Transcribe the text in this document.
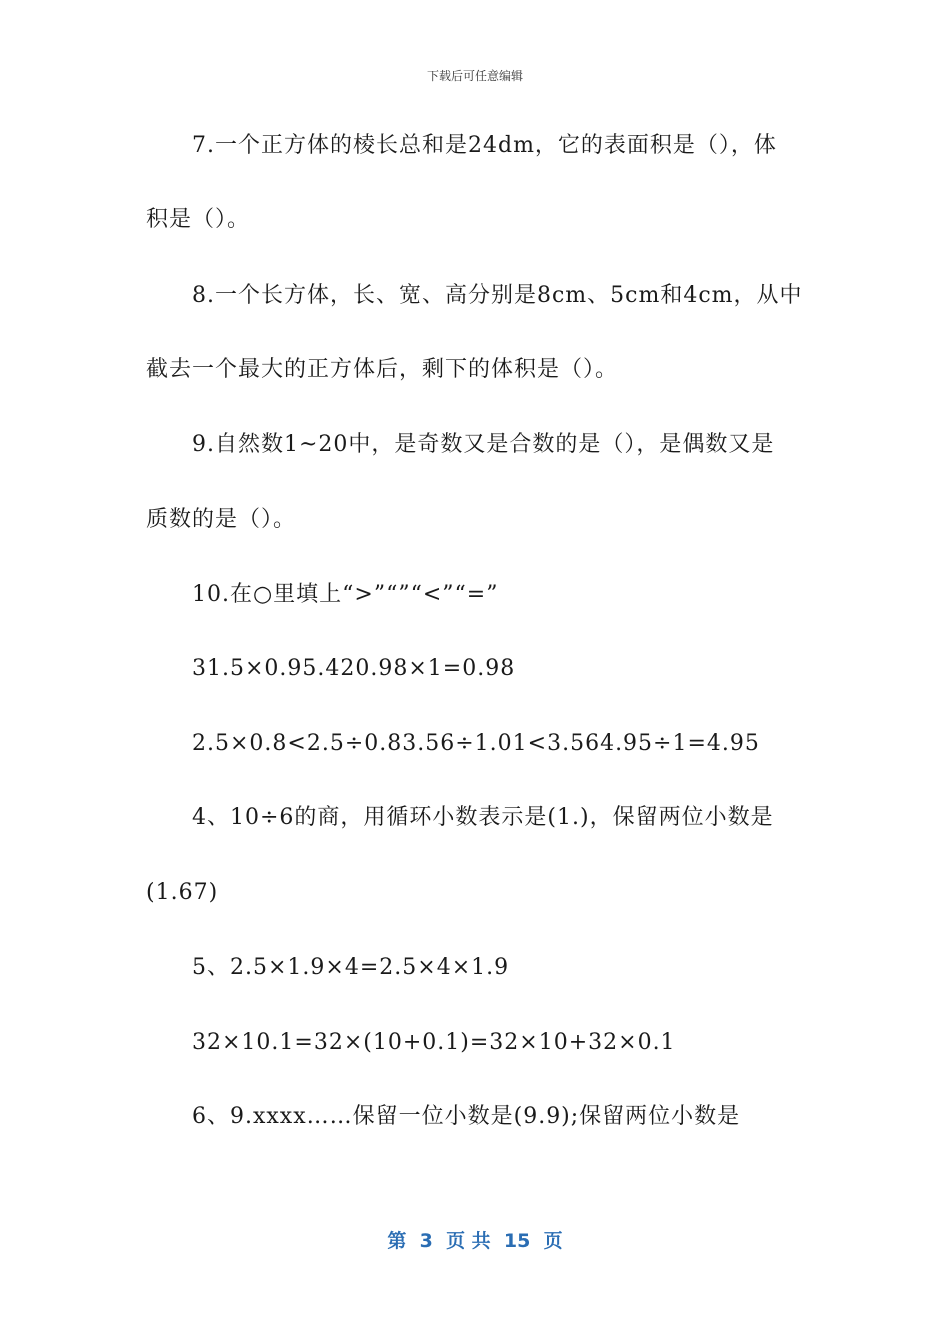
下载后可任意编辑
7.一个正方体的棱长总和是24dm，它的表面积是（），体
积是（）。
8.一个长方体，长、宽、高分别是8cm、5cm和4cm，从中
截去一个最大的正方体后，剩下的体积是（）。
9.自然数1~20中，是奇数又是合数的是（），是偶数又是
质数的是（）。
10.在○里填上“>”“”“<”“=”
31.5×0.95.420.98×1=0.98
2.5×0.8<2.5÷0.83.56÷1.01<3.564.95÷1=4.95
4、10÷6的商，用循环小数表示是(1.)，保留两位小数是
(1.67)
5、2.5×1.9×4=2.5×4×1.9
32×10.1=32×(10+0.1)=32×10+32×0.1
6、9.xxxx……保留一位小数是(9.9);保留两位小数是
第  3  页 共  15  页
